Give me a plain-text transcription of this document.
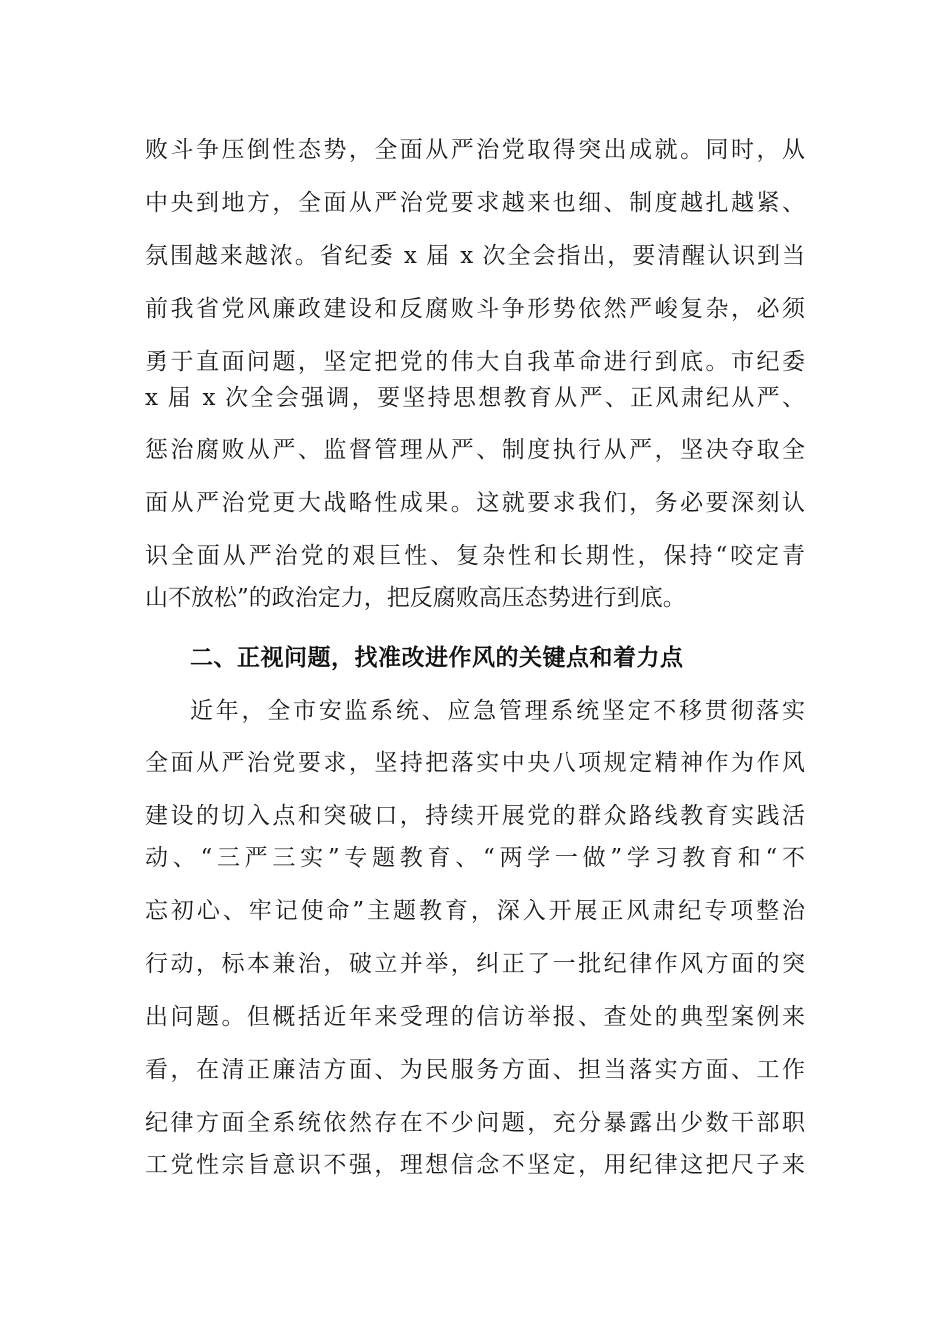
败斗争压倒性态势，全面从严治党取得突出成就。同时，从
中央到地方，全面从严治党要求越来也细、制度越扎越紧、
氛围越来越浓。省纪委 x 届 x 次全会指出，要清醒认识到当
前我省党风廉政建设和反腐败斗争形势依然严峻复杂，必须
勇于直面问题，坚定把党的伟大自我革命进行到底。市纪委
x 届 x 次全会强调，要坚持思想教育从严、正风肃纪从严、
惩治腐败从严、监督管理从严、制度执行从严，坚决夺取全
面从严治党更大战略性成果。这就要求我们，务必要深刻认
识全面从严治党的艰巨性、复杂性和长期性，保持“咬定青
山不放松”的政治定力，把反腐败高压态势进行到底。
二、正视问题，找准改进作风的关键点和着力点
近年，全市安监系统、应急管理系统坚定不移贯彻落实
全面从严治党要求，坚持把落实中央八项规定精神作为作风
建设的切入点和突破口，持续开展党的群众路线教育实践活
动、“三严三实”专题教育、“两学一做”学习教育和“不
忘初心、牢记使命”主题教育，深入开展正风肃纪专项整治
行动，标本兼治，破立并举，纠正了一批纪律作风方面的突
出问题。但概括近年来受理的信访举报、查处的典型案例来
看，在清正廉洁方面、为民服务方面、担当落实方面、工作
纪律方面全系统依然存在不少问题，充分暴露出少数干部职
工党性宗旨意识不强，理想信念不坚定，用纪律这把尺子来
